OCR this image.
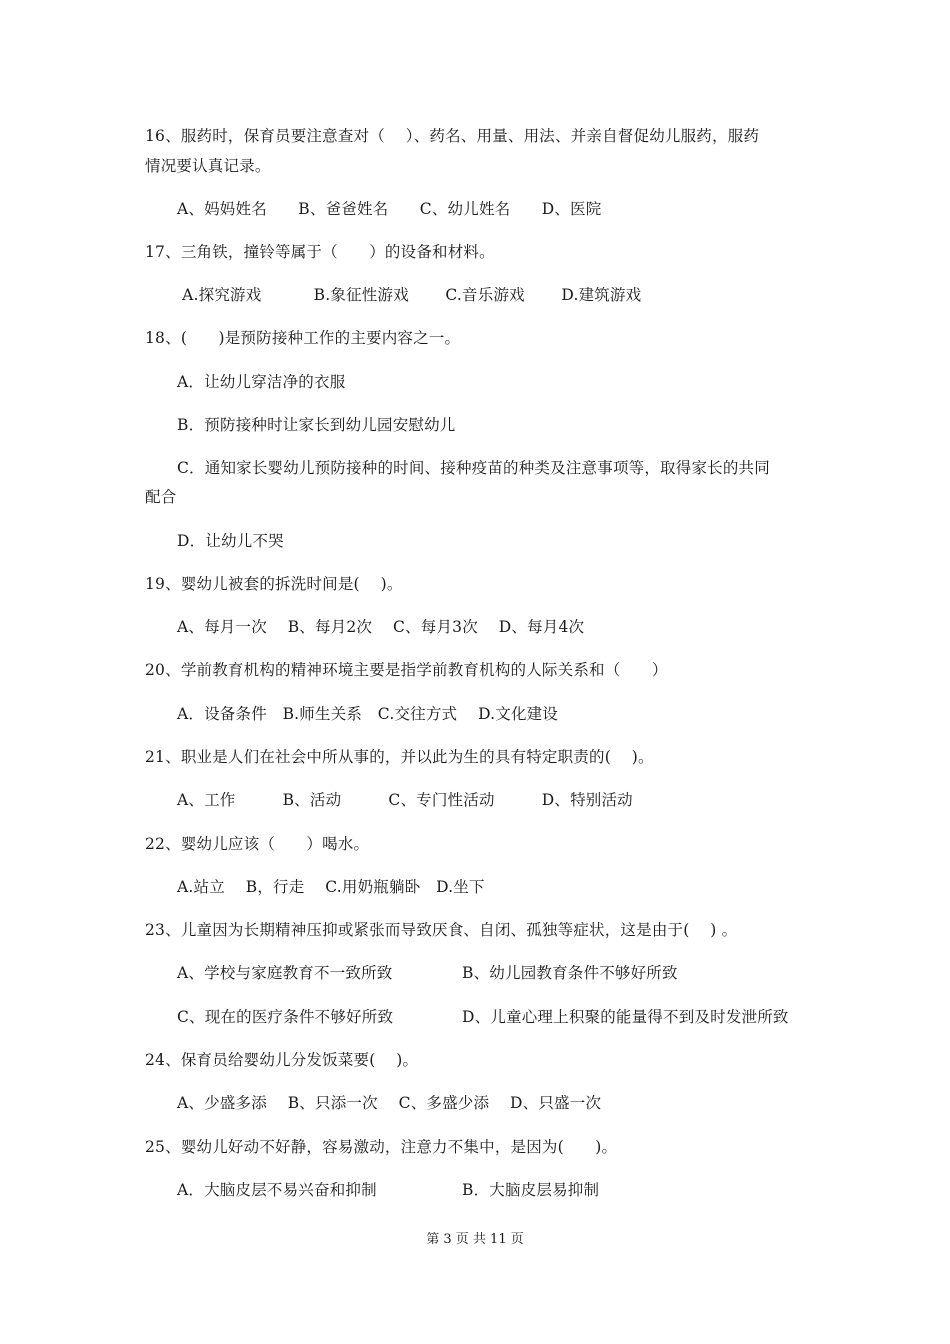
16、服药时，保育员要注意查对（　 ）、药名、用量、用法、并亲自督促幼儿服药，服药
情况要认真记录。
A、妈妈姓名　　B、爸爸姓名　　C、幼儿姓名　　D、医院
17、三角铁，撞铃等属于（　　）的设备和材料。
A.探究游戏　　　 B.象征性游戏　　 C.音乐游戏　　 D.建筑游戏
18、(　　)是预防接种工作的主要内容之一。
A．让幼儿穿洁净的衣服
B．预防接种时让家长到幼儿园安慰幼儿
C．通知家长婴幼儿预防接种的时间、接种疫苗的种类及注意事项等，取得家长的共同
配合
D．让幼儿不哭
19、婴幼儿被套的拆洗时间是(　 )。
A、每月一次　 B、每月2次　 C、每月3次　 D、每月4次
20、学前教育机构的精神环境主要是指学前教育机构的人际关系和（　　）
A．设备条件　B.师生关系　C.交往方式　 D.文化建设
21、职业是人们在社会中所从事的，并以此为生的具有特定职责的(　 )。
A、工作　　　B、活动　　　C、专门性活动　　　D、特别活动
22、婴幼儿应该（　　）喝水。
A.站立　 B，行走　 C.用奶瓶躺卧　D.坐下
23、儿童因为长期精神压抑或紧张而导致厌食、自闭、孤独等症状，这是由于(　 ) 。
A、学校与家庭教育不一致所致	B、幼儿园教育条件不够好所致
C、现在的医疗条件不够好所致	D、儿童心理上积聚的能量得不到及时发泄所致
24、保育员给婴幼儿分发饭菜要(　 )。
A、少盛多添　 B、只添一次　 C、多盛少添　 D、只盛一次
25、婴幼儿好动不好静，容易激动，注意力不集中，是因为(　　)。
A．大脑皮层不易兴奋和抑制	B．大脑皮层易抑制
第 3 页 共 11 页
